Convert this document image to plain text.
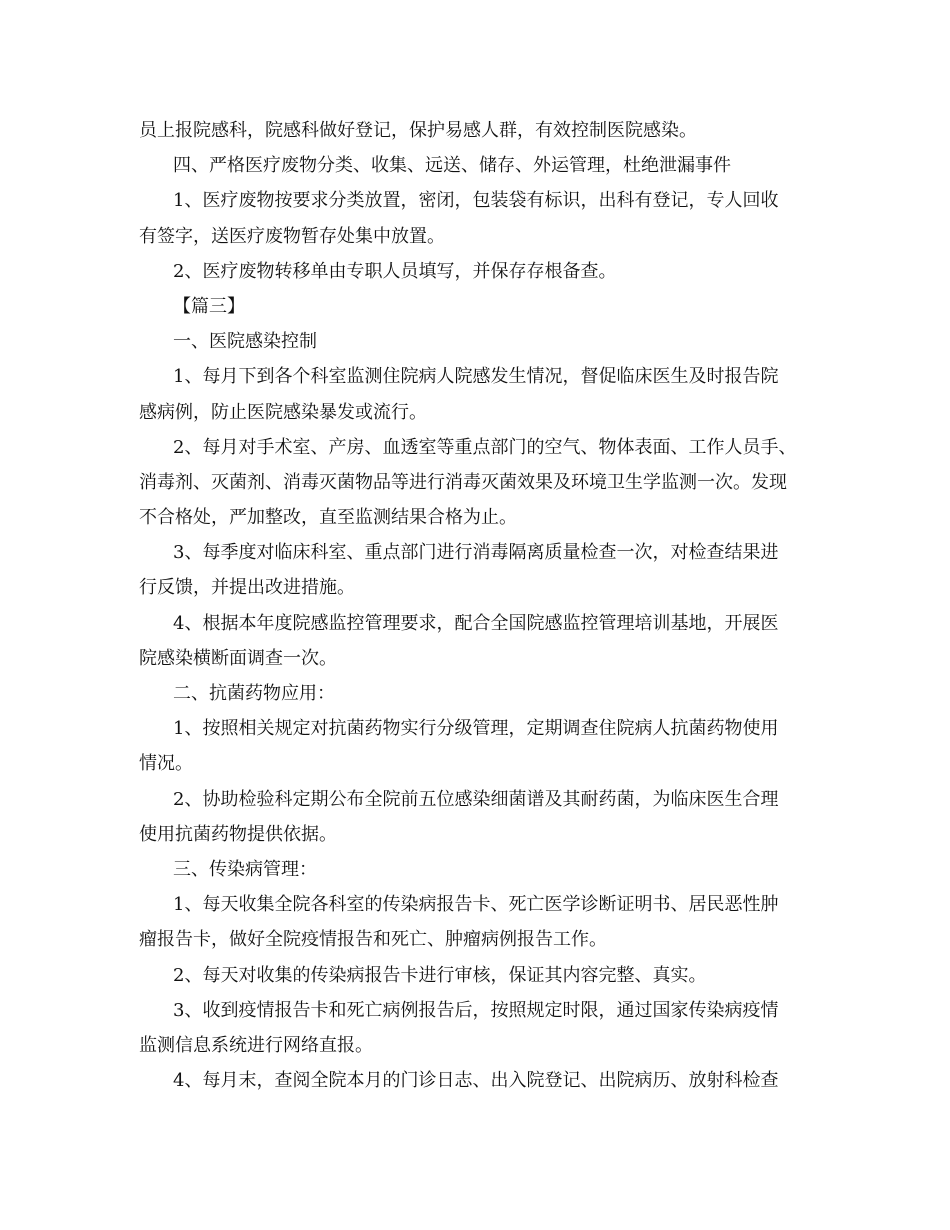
员上报院感科，院感科做好登记，保护易感人群，有效控制医院感染。
四、严格医疗废物分类、收集、远送、储存、外运管理，杜绝泄漏事件
1、医疗废物按要求分类放置，密闭，包装袋有标识，出科有登记，专人回收
有签字，送医疗废物暂存处集中放置。
2、医疗废物转移单由专职人员填写，并保存存根备查。
【篇三】
一、医院感染控制
1、每月下到各个科室监测住院病人院感发生情况，督促临床医生及时报告院
感病例，防止医院感染暴发或流行。
2、每月对手术室、产房、血透室等重点部门的空气、物体表面、工作人员手、
消毒剂、灭菌剂、消毒灭菌物品等进行消毒灭菌效果及环境卫生学监测一次。发现
不合格处，严加整改，直至监测结果合格为止。
3、每季度对临床科室、重点部门进行消毒隔离质量检查一次，对检查结果进
行反馈，并提出改进措施。
4、根据本年度院感监控管理要求，配合全国院感监控管理培训基地，开展医
院感染横断面调查一次。
二、抗菌药物应用：
1、按照相关规定对抗菌药物实行分级管理，定期调查住院病人抗菌药物使用
情况。
2、协助检验科定期公布全院前五位感染细菌谱及其耐药菌，为临床医生合理
使用抗菌药物提供依据。
三、传染病管理：
1、每天收集全院各科室的传染病报告卡、死亡医学诊断证明书、居民恶性肿
瘤报告卡，做好全院疫情报告和死亡、肿瘤病例报告工作。
2、每天对收集的传染病报告卡进行审核，保证其内容完整、真实。
3、收到疫情报告卡和死亡病例报告后，按照规定时限，通过国家传染病疫情
监测信息系统进行网络直报。
4、每月末，查阅全院本月的门诊日志、出入院登记、出院病历、放射科检查
